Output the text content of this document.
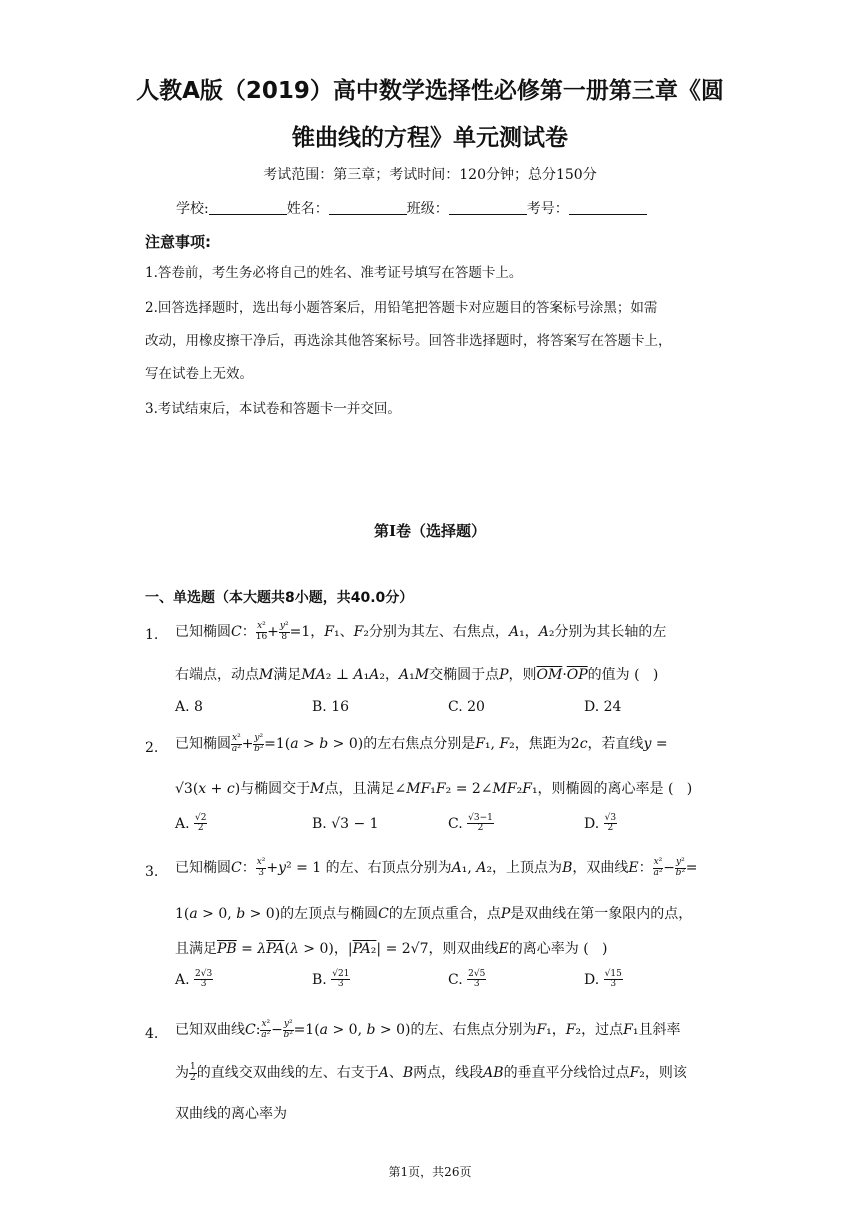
人教A版（2019）高中数学选择性必修第一册第三章《圆
锥曲线的方程》单元测试卷
考试范围：第三章；考试时间：120分钟；总分150分
学校:	姓名：	班级：	考号：
注意事项:
1.答卷前，考生务必将自己的姓名、准考证号填写在答题卡上。
2.回答选择题时，选出每小题答案后，用铅笔把答题卡对应题目的答案标号涂黑；如需
改动，用橡皮擦干净后，再选涂其他答案标号。回答非选择题时，将答案写在答题卡上，
写在试卷上无效。
3.考试结束后，本试卷和答题卡一并交回。
第I卷（选择题）
一、单选题（本大题共8小题，共40.0分）
1. 已知椭圆C： $\frac{\text{x²}}{16} + \frac{\text{y²}}{8} =1$，F₁、F₂分别为其左、右焦点，A₁，A₂分别为其长轴的左
右端点，动点M满足MA₂ ⊥ A₁A₂，A₁M交椭圆于点P，则$\overline{OM}\cdot\overline{OP}$的值为 (   )
A. 8	B. 16	C. 20	D. 24
2. 已知椭圆 $\frac{\text{x²}}{\text{a²}} + \frac{\text{y²}}{\text{b²}} =1(a > b > 0)$的左右焦点分别是F₁, F₂，焦距为2c，若直线y =
√3(x + c)与椭圆交于M点，且满足∠MF₁F₂ = 2∠MF₂F₁，则椭圆的离心率是 (   )
A. $\frac{√2}{2}$	B. √3 − 1	C. $\frac{√3-1}{2}$	D. $\frac{√3}{2}$
3. 已知椭圆C： $\frac{\text{x²}}{3} +y^2 = 1$ 的左、右顶点分别为A₁, A₂，上顶点为B，双曲线E： $\frac{\text{x²}}{\text{a²}} - \frac{\text{y²}}{\text{b²}}$ =
1(a > 0, b > 0)的左顶点与椭圆C的左顶点重合，点P是双曲线在第一象限内的点，
且满足$\overline{PB} = \lambda\overline{PA}(\lambda > 0)$，|PA₂| = 2√7，则双曲线E的离心率为 (   )
A. $\frac{2√3}{3}$	B. $\frac{√21}{3}$	C. $\frac{2√5}{3}$	D. $\frac{√15}{3}$
4. 已知双曲线C: $\frac{\text{x²}}{\text{a²}} - \frac{\text{y²}}{\text{b²}} =1(a > 0$, b > 0)的左、右焦点分别为F₁，F₂，过点F₁且斜率
为 $\frac{1}{2}$ 的直线交双曲线的左、右支于A、B两点，线段AB的垂直平分线恰过点F₂，则该
双曲线的离心率为
第1页，共26页
